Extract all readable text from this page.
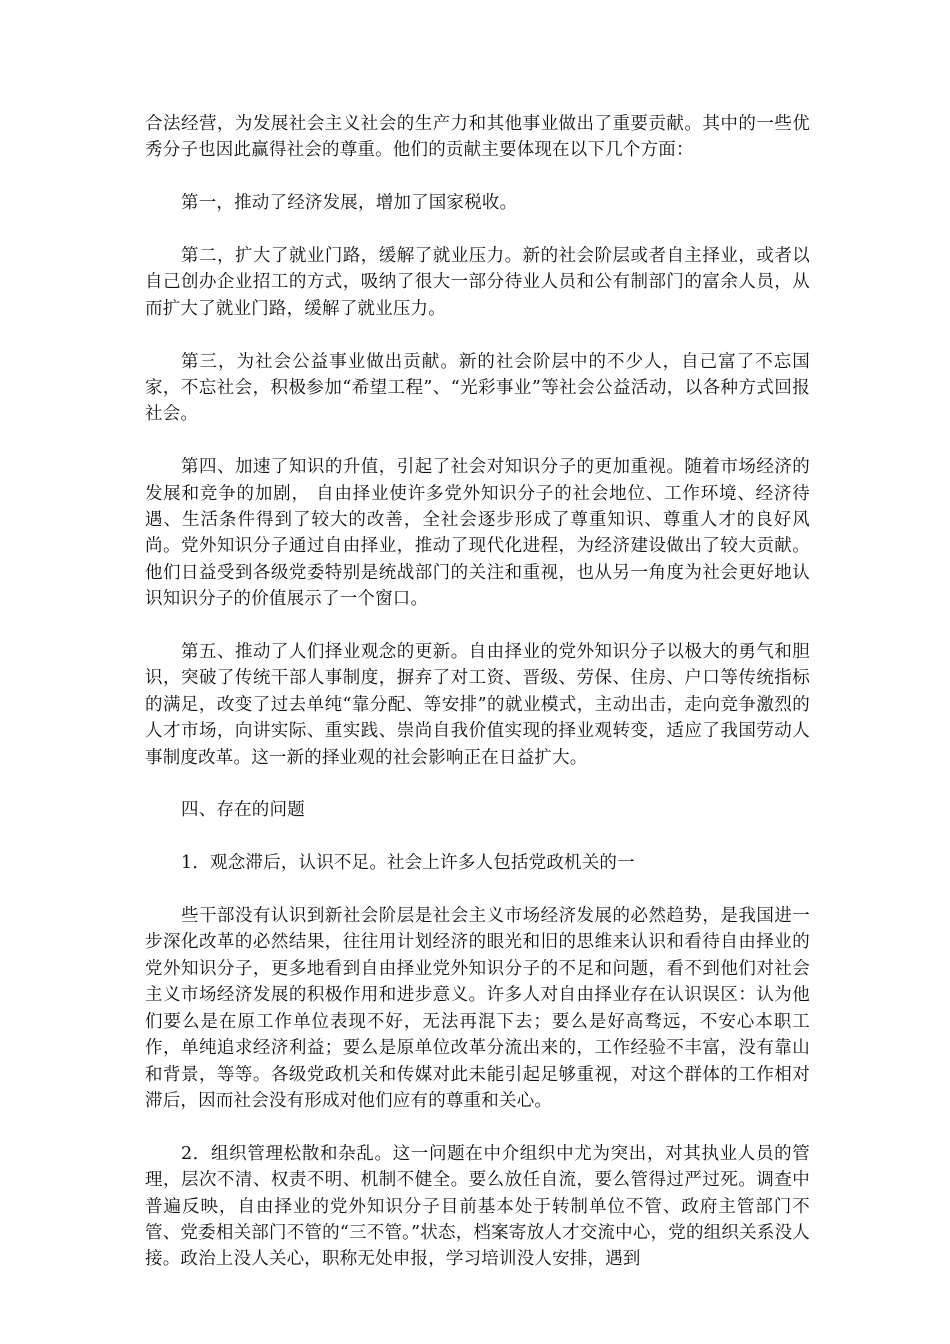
合法经营，为发展社会主义社会的生产力和其他事业做出了重要贡献。其中的一些优秀分子也因此赢得社会的尊重。他们的贡献主要体现在以下几个方面：

第一，推动了经济发展，增加了国家税收。

第二，扩大了就业门路，缓解了就业压力。新的社会阶层或者自主择业，或者以自己创办企业招工的方式，吸纳了很大一部分待业人员和公有制部门的富余人员，从而扩大了就业门路，缓解了就业压力。

第三，为社会公益事业做出贡献。新的社会阶层中的不少人，自己富了不忘国家，不忘社会，积极参加“希望工程”、“光彩事业”等社会公益活动，以各种方式回报社会。

第四、加速了知识的升值，引起了社会对知识分子的更加重视。随着市场经济的发展和竞争的加剧， 自由择业使许多党外知识分子的社会地位、工作环境、经济待遇、生活条件得到了较大的改善，全社会逐步形成了尊重知识、尊重人才的良好风尚。党外知识分子通过自由择业，推动了现代化进程，为经济建设做出了较大贡献。他们日益受到各级党委特别是统战部门的关注和重视，也从另一角度为社会更好地认识知识分子的价值展示了一个窗口。

第五、推动了人们择业观念的更新。自由择业的党外知识分子以极大的勇气和胆识，突破了传统干部人事制度，摒弃了对工资、晋级、劳保、住房、户口等传统指标的满足，改变了过去单纯“靠分配、等安排”的就业模式，主动出击，走向竞争激烈的人才市场，向讲实际、重实践、崇尚自我价值实现的择业观转变，适应了我国劳动人事制度改革。这一新的择业观的社会影响正在日益扩大。

四、存在的问题

1．观念滞后，认识不足。社会上许多人包括党政机关的一

些干部没有认识到新社会阶层是社会主义市场经济发展的必然趋势，是我国进一步深化改革的必然结果，往往用计划经济的眼光和旧的思维来认识和看待自由择业的党外知识分子，更多地看到自由择业党外知识分子的不足和问题，看不到他们对社会主义市场经济发展的积极作用和进步意义。许多人对自由择业存在认识误区：认为他们要么是在原工作单位表现不好，无法再混下去；要么是好高骛远，不安心本职工作，单纯追求经济利益；要么是原单位改革分流出来的，工作经验不丰富，没有靠山和背景，等等。各级党政机关和传媒对此未能引起足够重视，对这个群体的工作相对滞后，因而社会没有形成对他们应有的尊重和关心。

2．组织管理松散和杂乱。这一问题在中介组织中尤为突出，对其执业人员的管理，层次不清、权责不明、机制不健全。要么放任自流，要么管得过严过死。调查中普遍反映，自由择业的党外知识分子目前基本处于转制单位不管、政府主管部门不管、党委相关部门不管的“三不管。”状态，档案寄放人才交流中心，党的组织关系没人接。政治上没人关心，职称无处申报，学习培训没人安排，遇到
